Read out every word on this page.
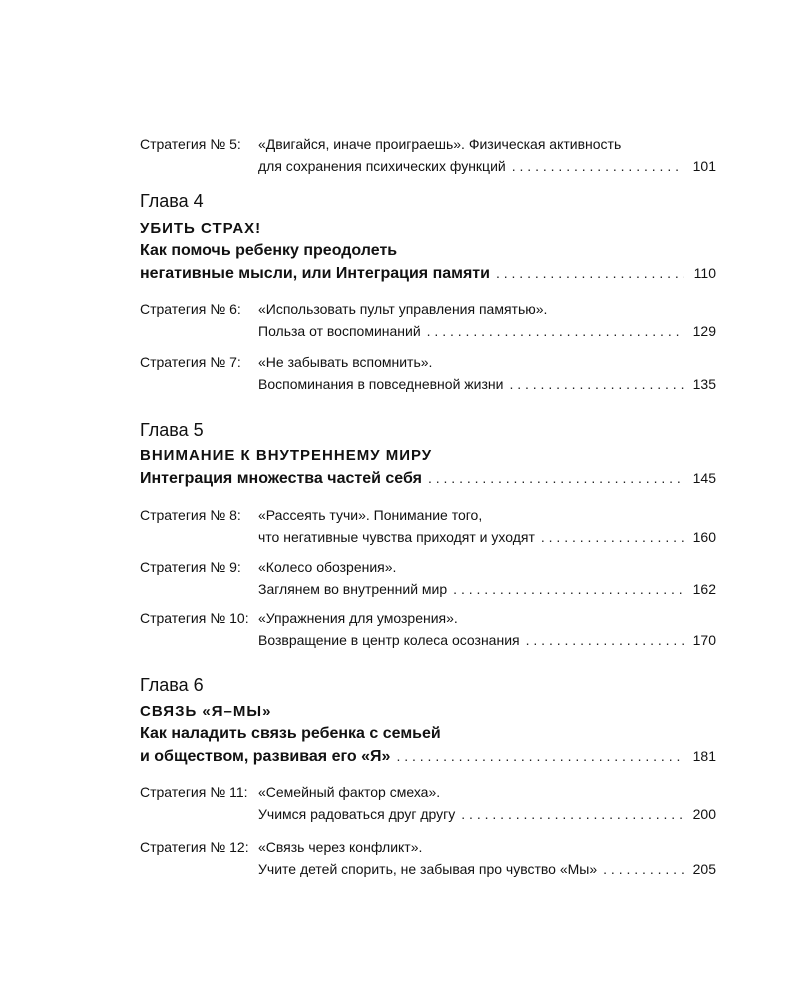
Стратегия № 5: «Двигайся, иначе проиграешь». Физическая активность
для сохранения психических функций . . .	101
Глава 4
УБИТЬ СТРАХ!
Как помочь ребенку преодолеть
негативные мысли, или Интеграция памяти . . .	110
Стратегия № 6: «Использовать пульт управления памятью».
Польза от воспоминаний . . .	129
Стратегия № 7: «Не забывать вспомнить».
Воспоминания в повседневной жизни . . .	135
Глава 5
ВНИМАНИЕ К ВНУТРЕННЕМУ МИРУ
Интеграция множества частей себя . . .	145
Стратегия № 8: «Рассеять тучи». Понимание того,
что негативные чувства приходят и уходят . . .	160
Стратегия № 9: «Колесо обозрения».
Заглянем во внутренний мир . . .	162
Стратегия № 10: «Упражнения для умозрения».
Возвращение в центр колеса осознания . . .	170
Глава 6
СВЯЗЬ «Я–МЫ»
Как наладить связь ребенка с семьей
и обществом, развивая его «Я» . . .	181
Стратегия № 11: «Семейный фактор смеха».
Учимся радоваться друг другу . . .	200
Стратегия № 12: «Связь через конфликт».
Учите детей спорить, не забывая про чувство «Мы» . . .	205
